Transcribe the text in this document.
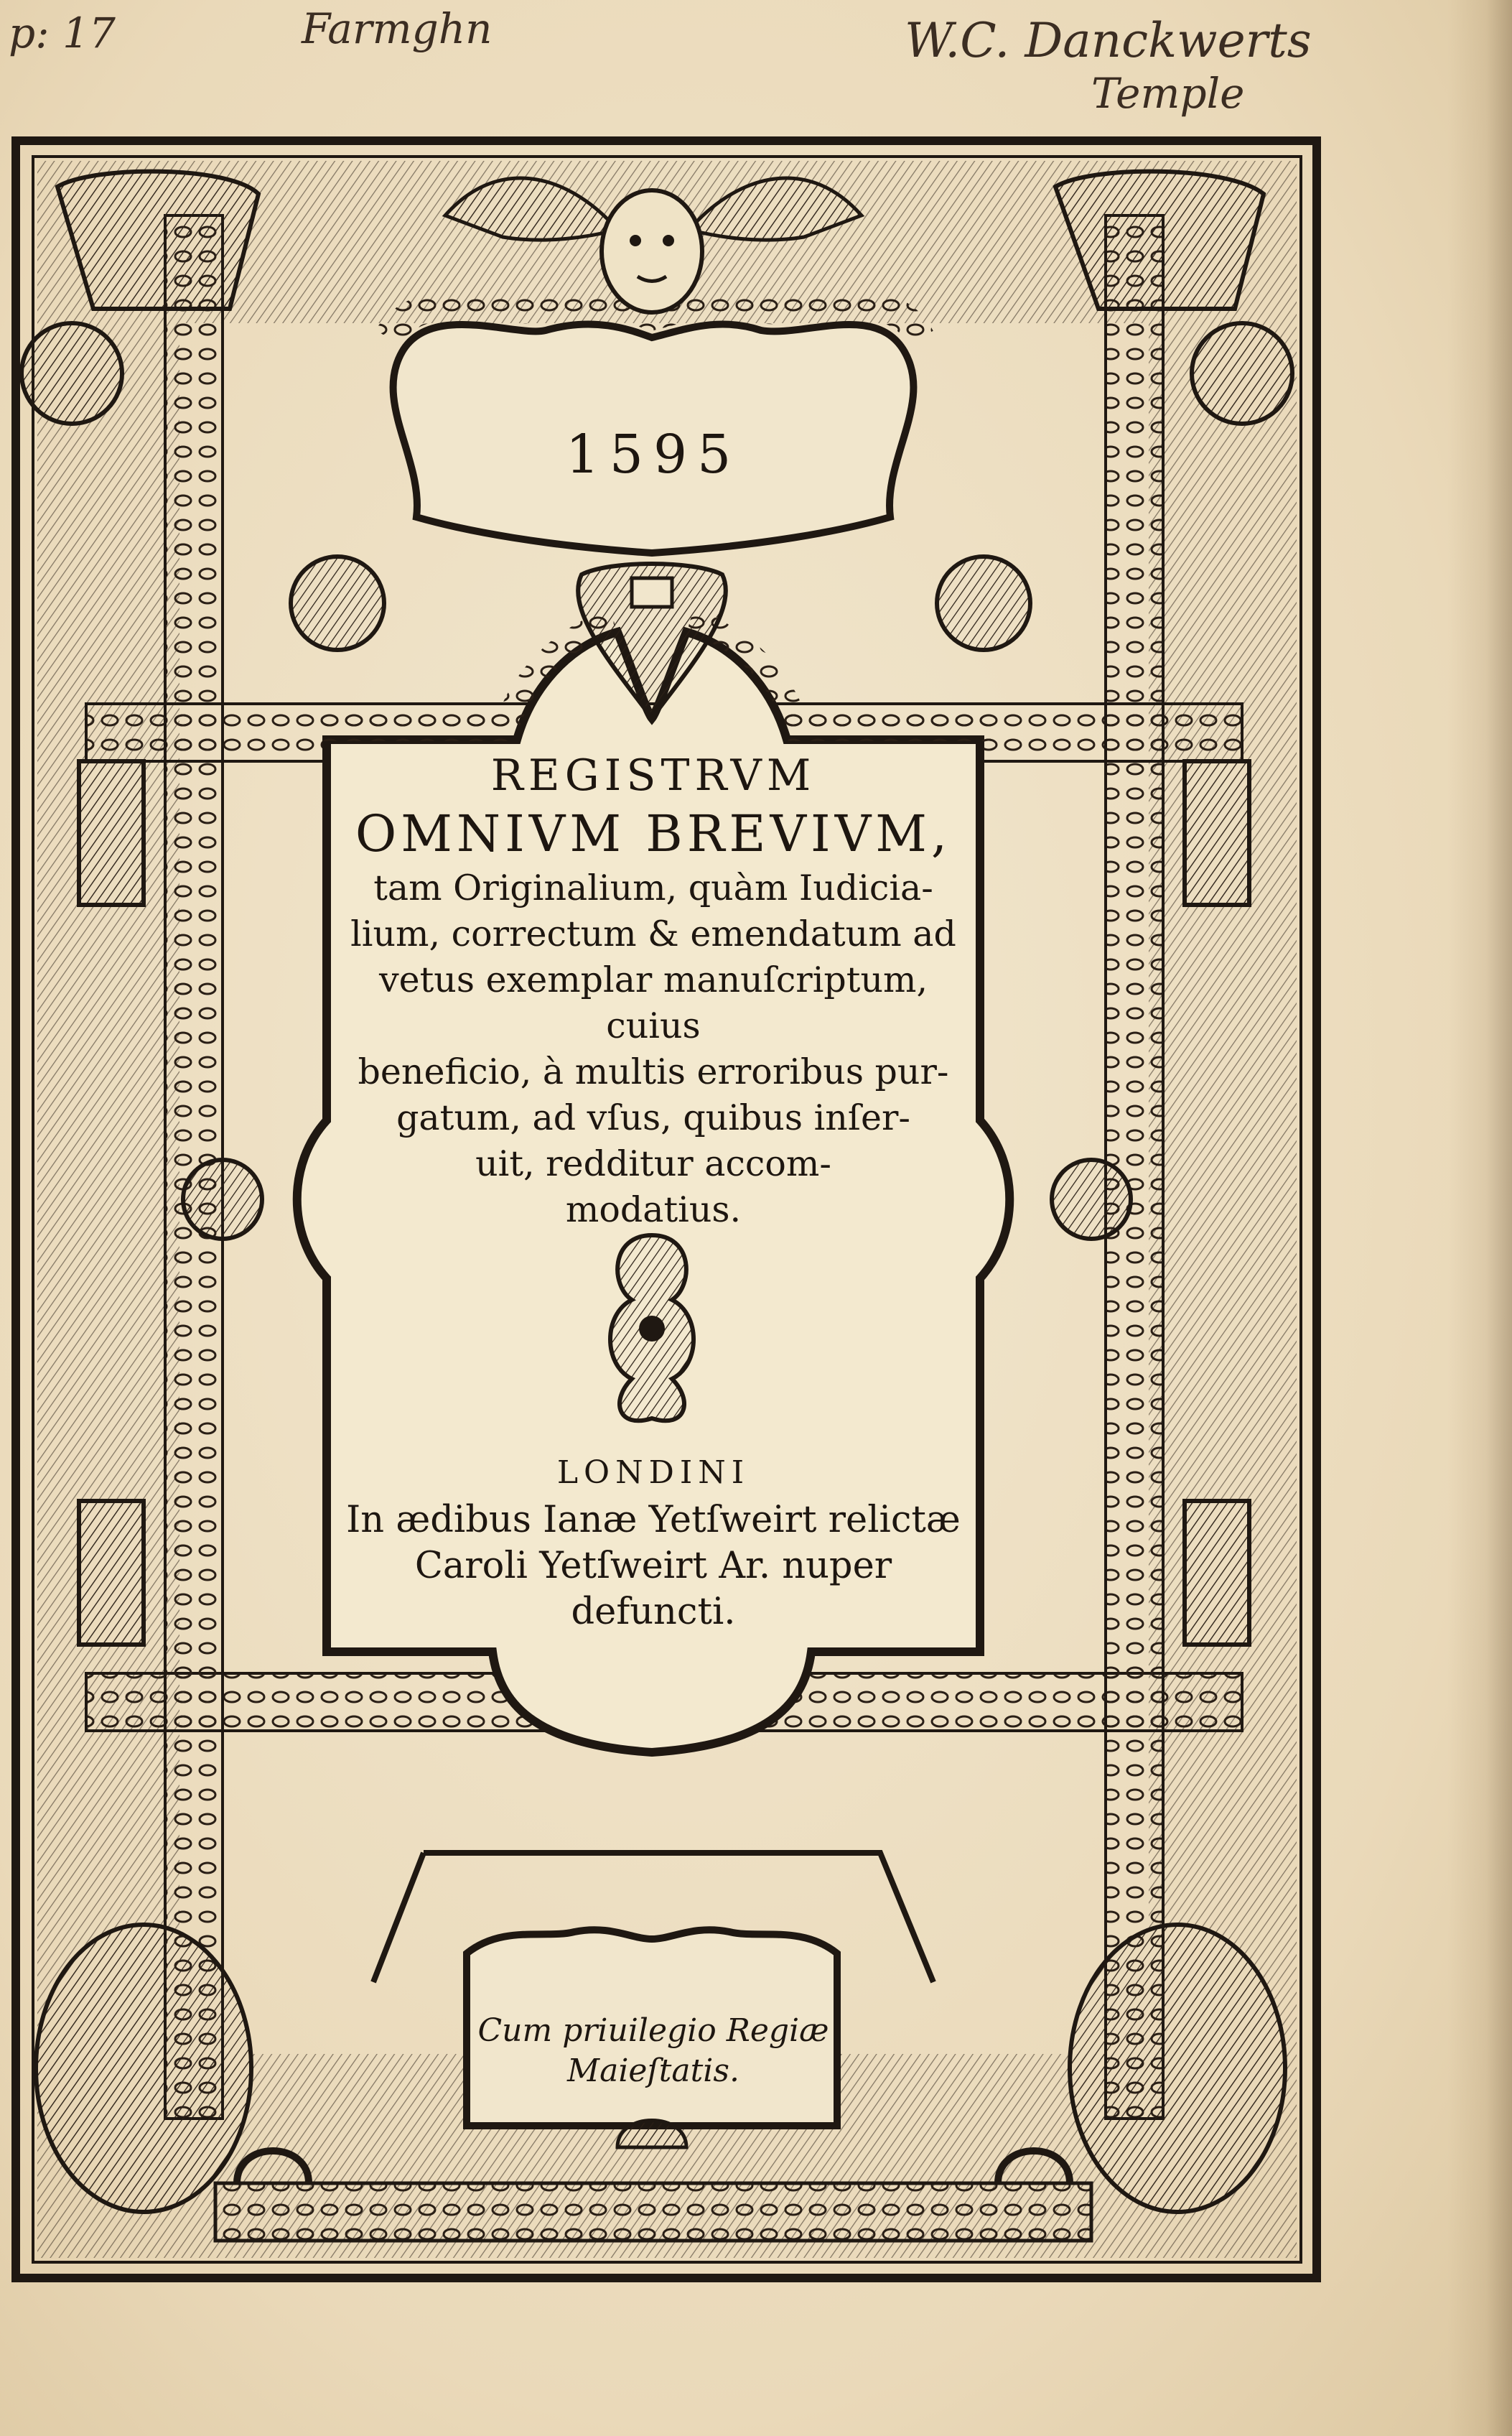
p: 17	Farmghn	W.C. Danckwerts
Temple
1595
REGISTRVM
OMNIVM BREVIVM,
tam Originalium, quàm Iudicia-
lium, correctum & emendatum ad
vetus exemplar manuſcriptum, cuius
beneficio, à multis erroribus pur-
gatum, ad vſus, quibus inſer-
uit, redditur accom-
modatius.
LONDINI
In ædibus Ianæ Yetſweirt relictæ
Caroli Yetſweirt Ar. nuper
defuncti.
Cum priuilegio Regiæ
Maieſtatis.
